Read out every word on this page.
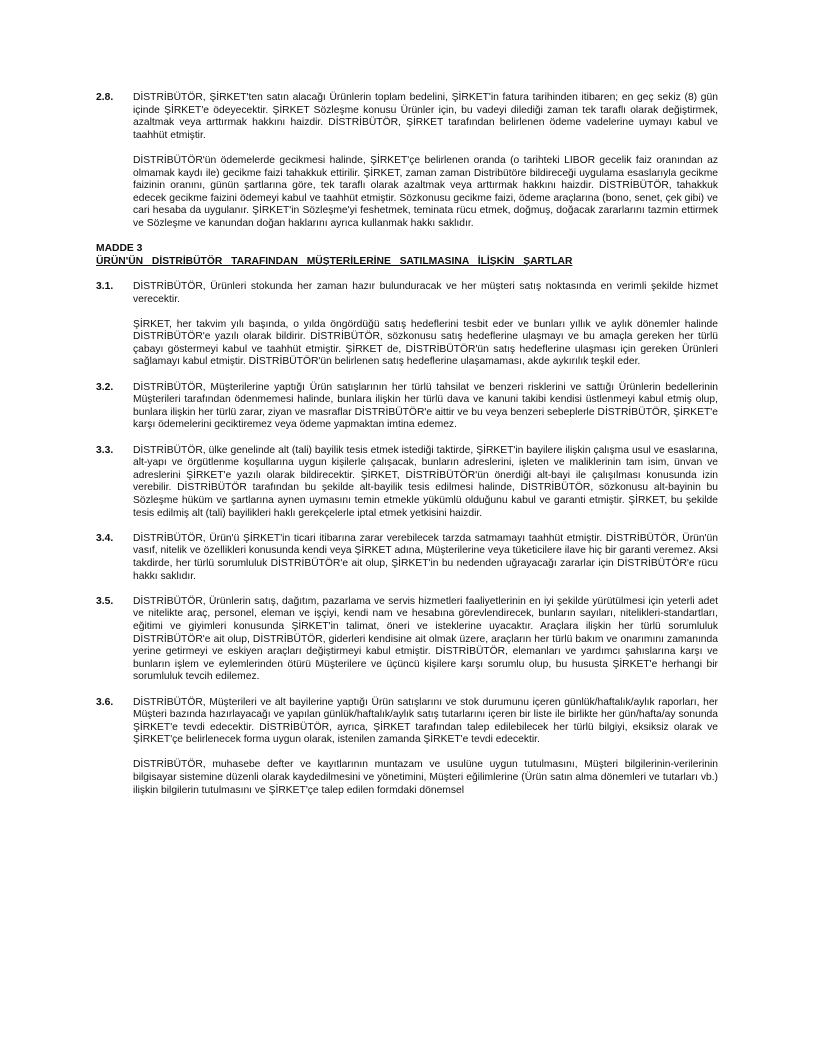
2.8.	DİSTRİBÜTÖR, ŞİRKET'ten satın alacağı Ürünlerin toplam bedelini, ŞİRKET'in fatura tarihinden itibaren; en geç sekiz (8) gün içinde ŞİRKET'e ödeyecektir. ŞİRKET Sözleşme konusu Ürünler için, bu vadeyi dilediği zaman tek taraflı olarak değiştirmek, azaltmak veya arttırmak hakkını haizdir. DİSTRİBÜTÖR, ŞİRKET tarafından belirlenen ödeme vadelerine uymayı kabul ve taahhüt etmiştir.

DİSTRİBÜTÖR'ün ödemelerde gecikmesi halinde, ŞİRKET'çe belirlenen oranda (o tarihteki LIBOR gecelik faiz oranından az olmamak kaydı ile) gecikme faizi tahakkuk ettirilir. ŞİRKET, zaman zaman Distribütöre bildireceği uygulama esaslarıyla gecikme faizinin oranını, günün şartlarına göre, tek taraflı olarak azaltmak veya arttırmak hakkını haizdir. DİSTRİBÜTÖR, tahakkuk edecek gecikme faizini ödemeyi kabul ve taahhüt etmiştir. Sözkonusu gecikme faizi, ödeme araçlarına (bono, senet, çek gibi) ve cari hesaba da uygulanır. ŞİRKET'in Sözleşme'yi feshetmek, teminata rücu etmek, doğmuş, doğacak zararlarını tazmin ettirmek ve Sözleşme ve kanundan doğan haklarını ayrıca kullanmak hakkı saklıdır.

MADDE 3
ÜRÜN'ÜN DİSTRİBÜTÖR TARAFINDAN MÜŞTERİLERİNE SATILMASINA İLİŞKİN ŞARTLAR
3.1.	DİSTRİBÜTÖR, Ürünleri stokunda her zaman hazır bulunduracak ve her müşteri satış noktasında en verimli şekilde hizmet verecektir.

ŞİRKET, her takvim yılı başında, o yılda öngördüğü satış hedeflerini tesbit eder ve bunları yıllık ve aylık dönemler halinde DİSTRİBÜTÖR'e yazılı olarak bildirir. DİSTRİBÜTÖR, sözkonusu satış hedeflerine ulaşmayı ve bu amaçla gereken her türlü çabayı göstermeyi kabul ve taahhüt etmiştir. ŞİRKET de, DİSTRİBÜTÖR'ün satış hedeflerine ulaşması için gereken Ürünleri sağlamayı kabul etmiştir. DİSTRİBÜTÖR'ün belirlenen satış hedeflerine ulaşamaması, akde aykırılık teşkil eder.

3.2.	DİSTRİBÜTÖR, Müşterilerine yaptığı Ürün satışlarının her türlü tahsilat ve benzeri risklerini ve sattığı Ürünlerin bedellerinin Müşterileri tarafından ödenmemesi halinde, bunlara ilişkin her türlü dava ve kanuni takibi kendisi üstlenmeyi kabul etmiş olup, bunlara ilişkin her türlü zarar, ziyan ve masraflar DİSTRİBÜTÖR'e aittir ve bu veya benzeri sebeplerle DİSTRİBÜTÖR, ŞİRKET'e karşı ödemelerini geciktiremez veya ödeme yapmaktan imtina edemez.

3.3.	DİSTRİBÜTÖR, ülke genelinde alt (tali) bayilik tesis etmek istediği taktirde, ŞİRKET'in bayilere ilişkin çalışma usul ve esaslarına, alt-yapı ve örgütlenme koşullarına uygun kişilerle çalışacak, bunların adreslerini, işleten ve maliklerinin tam isim, ünvan ve adreslerini ŞİRKET'e yazılı olarak bildirecektir. ŞİRKET, DİSTRİBÜTÖR'ün önerdiği alt-bayi ile çalışılması konusunda izin verebilir. DİSTRİBÜTÖR tarafından bu şekilde alt-bayilik tesis edilmesi halinde, DİSTRİBÜTÖR, sözkonusu alt-bayinin bu Sözleşme hüküm ve şartlarına aynen uymasını temin etmekle yükümlü olduğunu kabul ve garanti etmiştir. ŞİRKET, bu şekilde tesis edilmiş alt (tali) bayilikleri haklı gerekçelerle iptal etmek yetkisini haizdir.

3.4.	DİSTRİBÜTÖR, Ürün'ü ŞİRKET'in ticari itibarına zarar verebilecek tarzda satmamayı taahhüt etmiştir. DİSTRİBÜTÖR, Ürün'ün vasıf, nitelik ve özellikleri konusunda kendi veya ŞİRKET adına, Müşterilerine veya tüketicilere ilave hiç bir garanti veremez. Aksi takdirde, her türlü sorumluluk DİSTRİBÜTÖR'e ait olup, ŞİRKET'in bu nedenden uğrayacağı zararlar için DİSTRİBÜTÖR'e rücu hakkı saklıdır.

3.5.	DİSTRİBÜTÖR, Ürünlerin satış, dağıtım, pazarlama ve servis hizmetleri faaliyetlerinin en iyi şekilde yürütülmesi için yeterli adet ve nitelikte araç, personel, eleman ve işçiyi, kendi nam ve hesabına görevlendirecek, bunların sayıları, nitelikleri-standartları, eğitimi ve giyimleri konusunda ŞİRKET'in talimat, öneri ve isteklerine uyacaktır. Araçlara ilişkin her türlü sorumluluk DİSTRİBÜTÖR'e ait olup, DİSTRİBÜTÖR, giderleri kendisine ait olmak üzere, araçların her türlü bakım ve onarımını zamanında yerine getirmeyi ve eskiyen araçları değiştirmeyi kabul etmiştir. DİSTRİBÜTÖR, elemanları ve yardımcı şahıslarına karşı ve bunların işlem ve eylemlerinden ötürü Müşterilere ve üçüncü kişilere karşı sorumlu olup, bu hususta ŞİRKET'e herhangi bir sorumluluk tevcih edilemez.

3.6.	DİSTRİBÜTÖR, Müşterileri ve alt bayilerine yaptığı Ürün satışlarını ve stok durumunu içeren günlük/haftalık/aylık raporları, her Müşteri bazında hazırlayacağı ve yapılan günlük/haftalık/aylık satış tutarlarını içeren bir liste ile birlikte her gün/hafta/ay sonunda ŞİRKET'e tevdi edecektir. DİSTRİBÜTÖR, ayrıca, ŞİRKET tarafından talep edilebilecek her türlü bilgiyi, eksiksiz olarak ve ŞİRKET'çe belirlenecek forma uygun olarak, istenilen zamanda ŞİRKET'e tevdi edecektir.

DİSTRİBÜTÖR, muhasebe defter ve kayıtlarının muntazam ve usulüne uygun tutulmasını, Müşteri bilgilerinin-verilerinin bilgisayar sistemine düzenli olarak kaydedilmesini ve yönetimini, Müşteri eğilimlerine (Ürün satın alma dönemleri ve tutarları vb.) ilişkin bilgilerin tutulmasını ve ŞİRKET'çe talep edilen formdaki dönemsel
